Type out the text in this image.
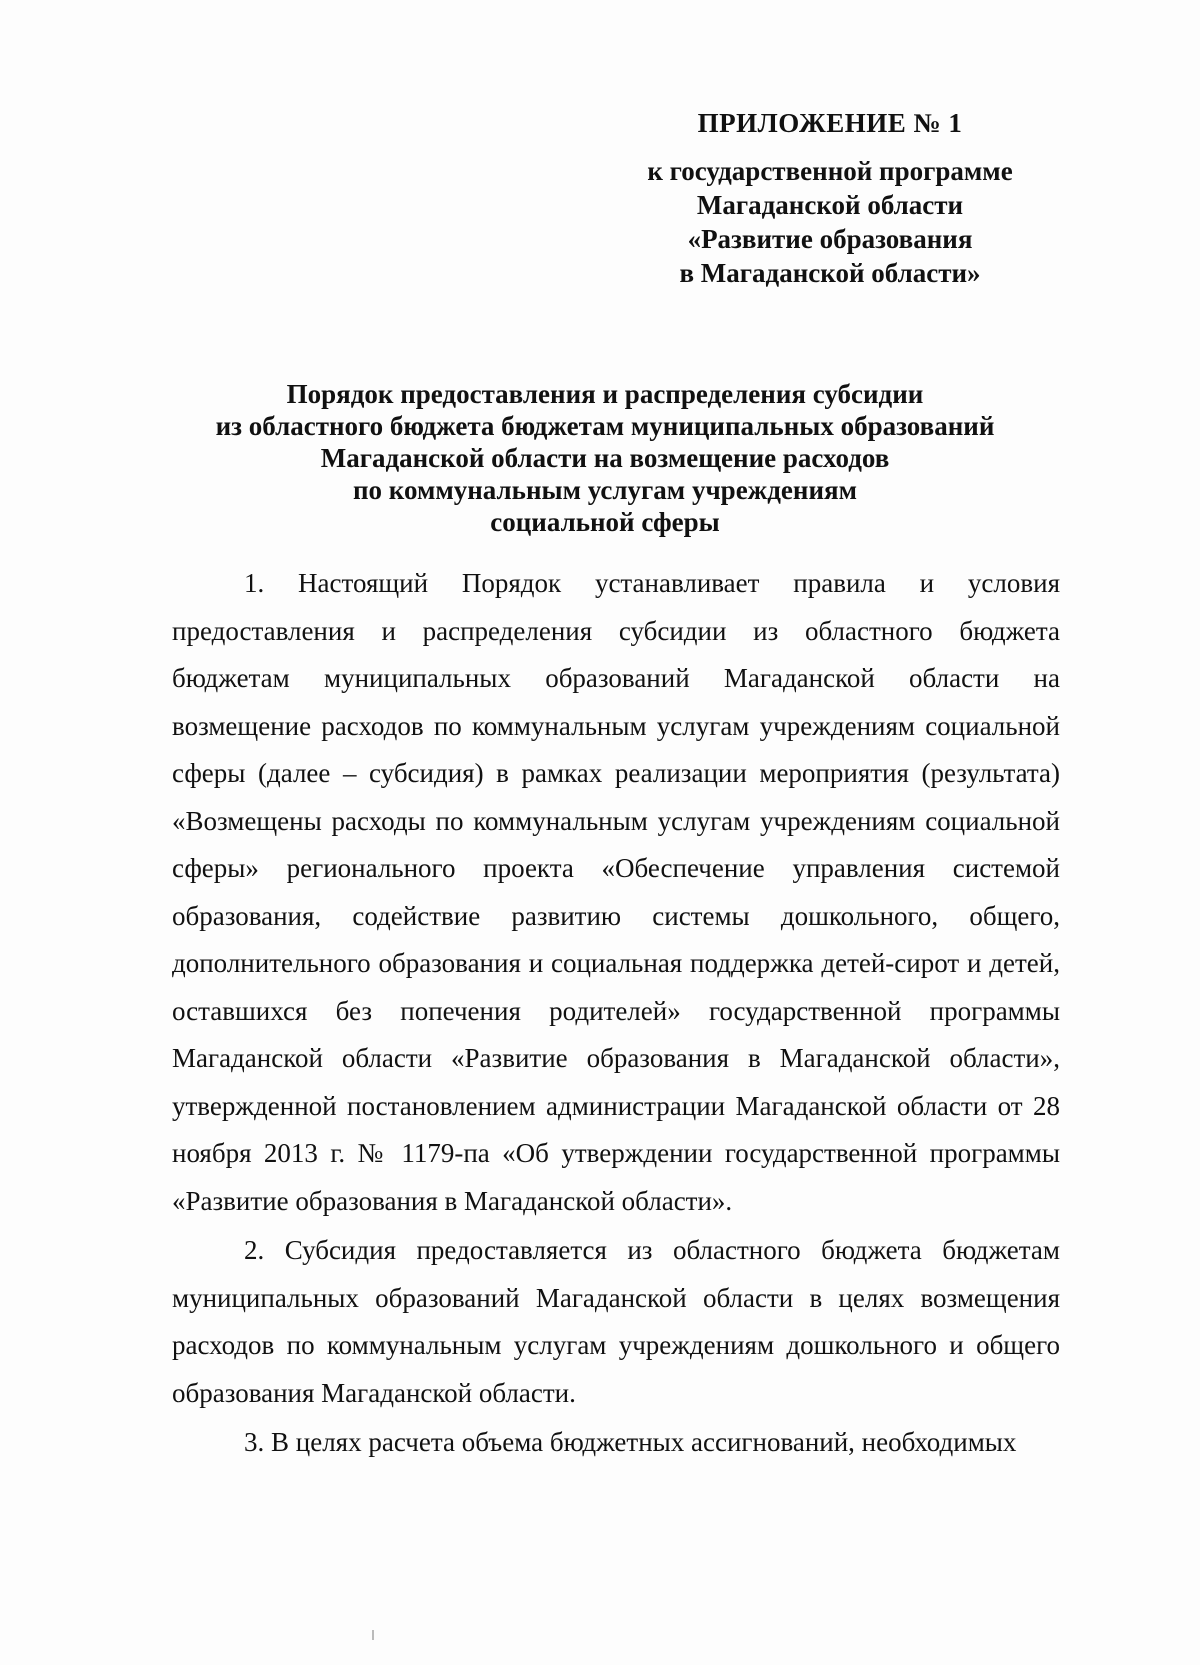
ПРИЛОЖЕНИЕ № 1
к государственной программе
Магаданской области
«Развитие образования
в Магаданской области»
Порядок предоставления и распределения субсидии
из областного бюджета бюджетам муниципальных образований
Магаданской области на возмещение расходов
по коммунальным услугам учреждениям
социальной сферы

1. Настоящий Порядок устанавливает правила и условия предоставления и распределения субсидии из областного бюджета бюджетам муниципальных образований Магаданской области на возмещение расходов по коммунальным услугам учреждениям социальной сферы (далее – субсидия) в рамках реализации мероприятия (результата) «Возмещены расходы по коммунальным услугам учреждениям социальной сферы» регионального проекта «Обеспечение управления системой образования, содействие развитию системы дошкольного, общего, дополнительного образования и социальная поддержка детей-сирот и детей, оставшихся без попечения родителей» государственной программы Магаданской области «Развитие образования в Магаданской области», утвержденной постановлением администрации Магаданской области от 28 ноября 2013 г. № 1179-па «Об утверждении государственной программы «Развитие образования в Магаданской области».

2. Субсидия предоставляется из областного бюджета бюджетам муниципальных образований Магаданской области в целях возмещения расходов по коммунальным услугам учреждениям дошкольного и общего образования Магаданской области.

3. В целях расчета объема бюджетных ассигнований, необходимых
